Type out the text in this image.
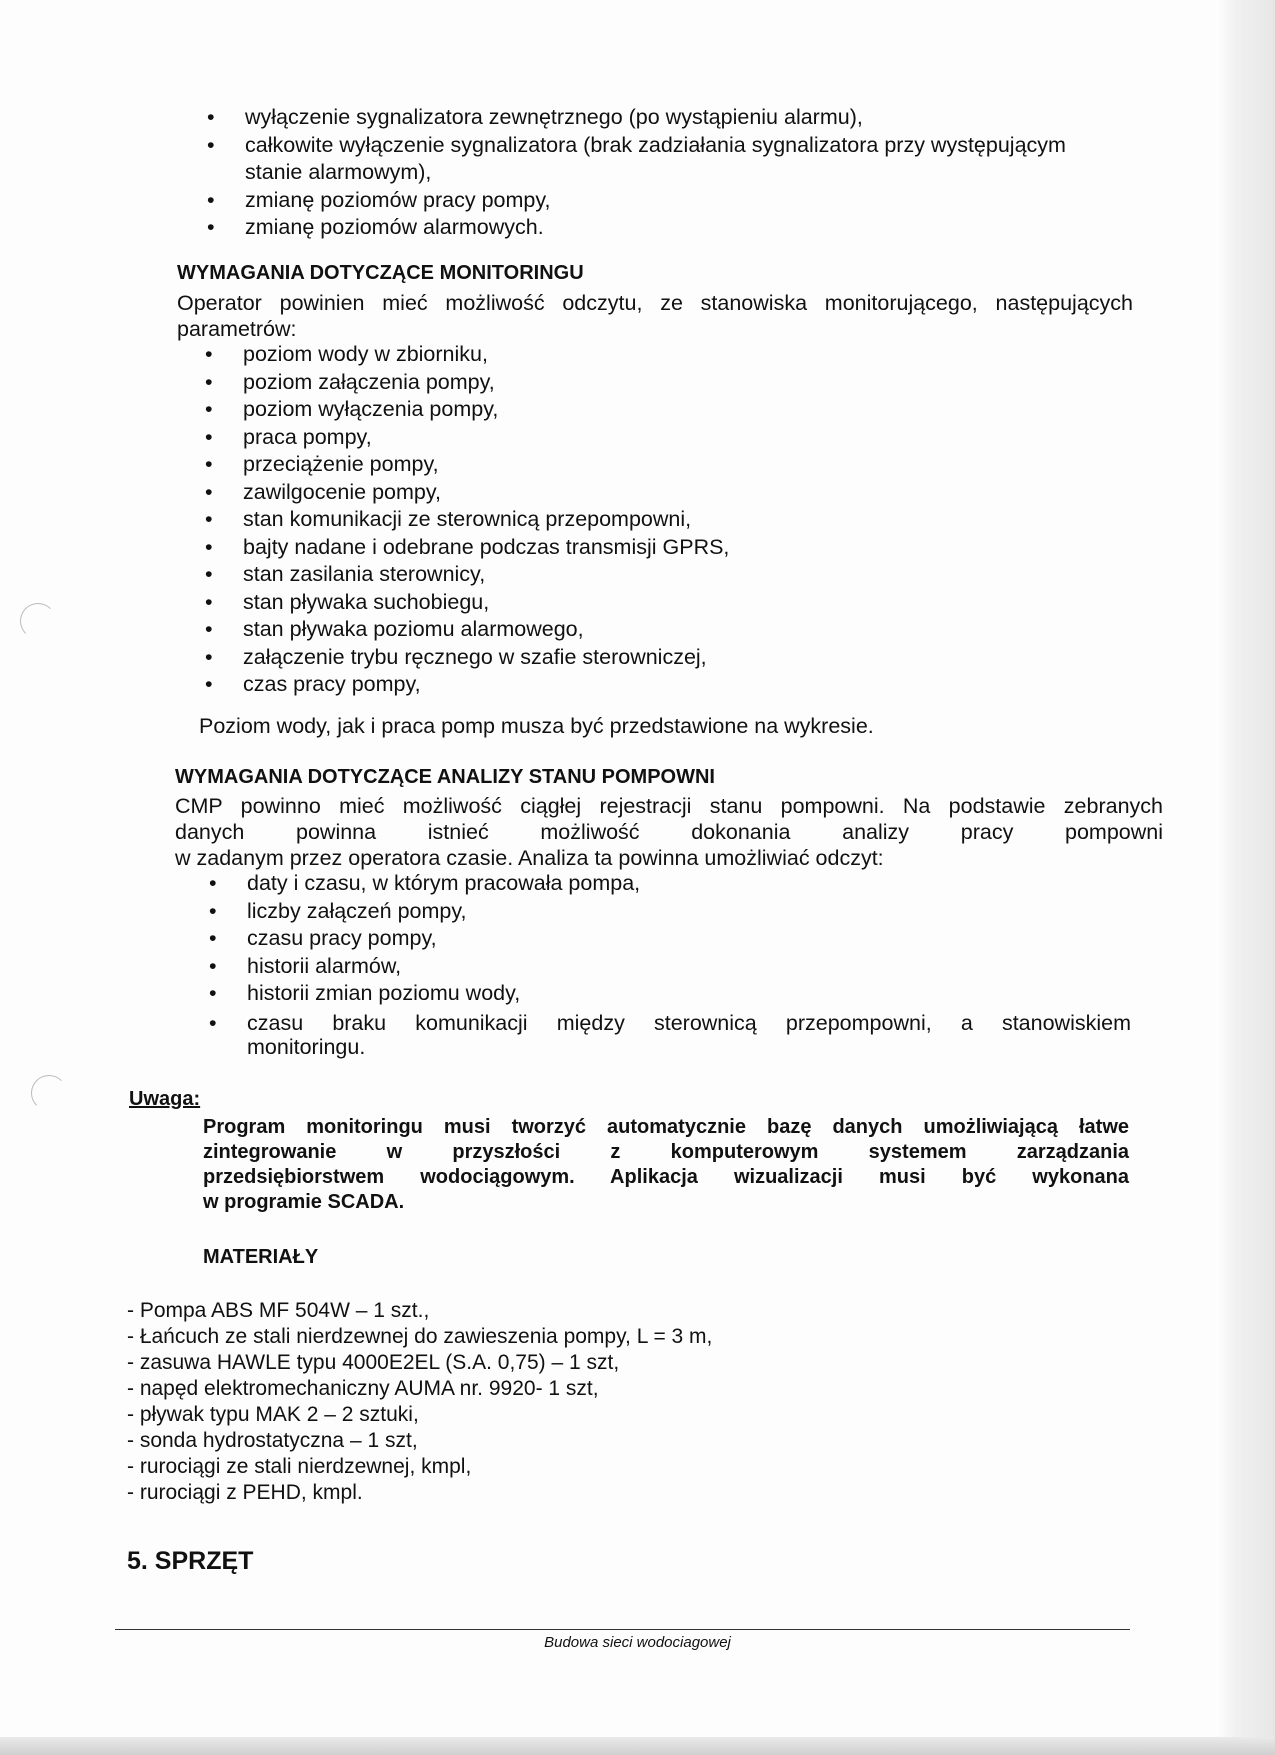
• wyłączenie sygnalizatora zewnętrznego (po wystąpieniu alarmu),
• całkowite wyłączenie sygnalizatora (brak zadziałania sygnalizatora przy występującym
stanie alarmowym),
• zmianę poziomów pracy pompy,
• zmianę poziomów alarmowych.
WYMAGANIA DOTYCZĄCE MONITORINGU
Operator powinien mieć możliwość odczytu, ze stanowiska monitorującego, następujących
parametrów:
• poziom wody w zbiorniku,
• poziom załączenia pompy,
• poziom wyłączenia pompy,
• praca pompy,
• przeciążenie pompy,
• zawilgocenie pompy,
• stan komunikacji ze sterownicą przepompowni,
• bajty nadane i odebrane podczas transmisji GPRS,
• stan zasilania sterownicy,
• stan pływaka suchobiegu,
• stan pływaka poziomu alarmowego,
• załączenie trybu ręcznego w szafie sterowniczej,
• czas pracy pompy,
Poziom wody, jak i praca pomp musza być przedstawione na wykresie.
WYMAGANIA DOTYCZĄCE ANALIZY STANU POMPOWNI
CMP powinno mieć możliwość ciągłej rejestracji stanu pompowni. Na podstawie zebranych
danych powinna istnieć możliwość dokonania analizy pracy pompowni
w zadanym przez operatora czasie. Analiza ta powinna umożliwiać odczyt:
• daty i czasu, w którym pracowała pompa,
• liczby załączeń pompy,
• czasu pracy pompy,
• historii alarmów,
• historii zmian poziomu wody,
• czasu braku komunikacji między sterownicą przepompowni, a stanowiskiem
monitoringu.
Uwaga:
Program monitoringu musi tworzyć automatycznie bazę danych umożliwiającą łatwe
zintegrowanie w przyszłości z komputerowym systemem zarządzania
przedsiębiorstwem wodociągowym. Aplikacja wizualizacji musi być wykonana
w programie SCADA.
MATERIAŁY
- Pompa ABS MF 504W – 1 szt.,
- Łańcuch ze stali nierdzewnej do zawieszenia pompy, L = 3 m,
- zasuwa HAWLE typu 4000E2EL (S.A. 0,75) – 1 szt,
- napęd elektromechaniczny AUMA nr. 9920- 1 szt,
- pływak typu MAK 2 – 2 sztuki,
- sonda hydrostatyczna – 1 szt,
- rurociągi ze stali nierdzewnej, kmpl,
- rurociągi z PEHD, kmpl.
5. SPRZĘT
Budowa sieci wodociagowej
